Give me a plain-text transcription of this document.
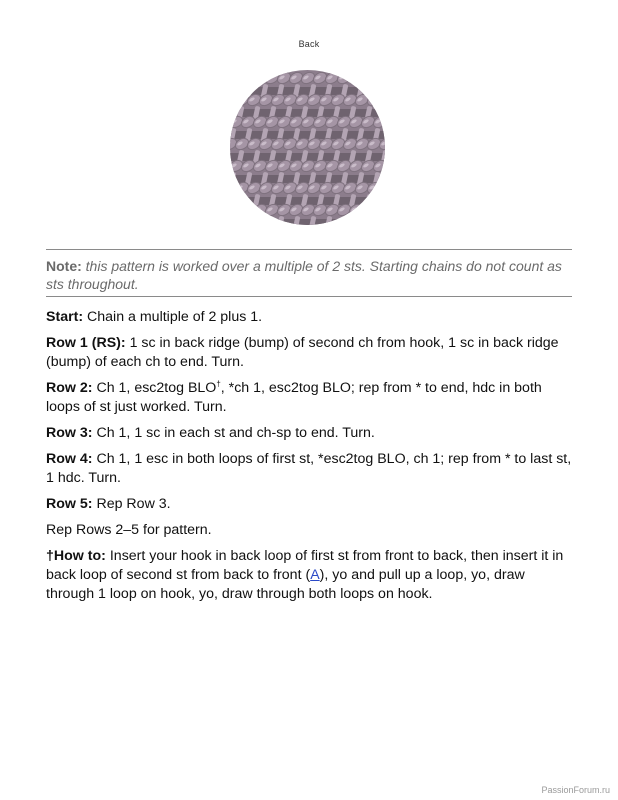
Back
Note: this pattern is worked over a multiple of 2 sts. Starting chains do not count as sts throughout.

Start: Chain a multiple of 2 plus 1.

Row 1 (RS): 1 sc in back ridge (bump) of second ch from hook, 1 sc in back ridge (bump) of each ch to end. Turn.

Row 2: Ch 1, esc2tog BLO†, *ch 1, esc2tog BLO; rep from * to end, hdc in both loops of st just worked. Turn.

Row 3: Ch 1, 1 sc in each st and ch-sp to end. Turn.

Row 4: Ch 1, 1 esc in both loops of first st, *esc2tog BLO, ch 1; rep from * to last st, 1 hdc. Turn.

Row 5: Rep Row 3.

Rep Rows 2–5 for pattern.

†How to: Insert your hook in back loop of first st from front to back, then insert it in back loop of second st from back to front (A), yo and pull up a loop, yo, draw through 1 loop on hook, yo, draw through both loops on hook.

PassionForum.ru
